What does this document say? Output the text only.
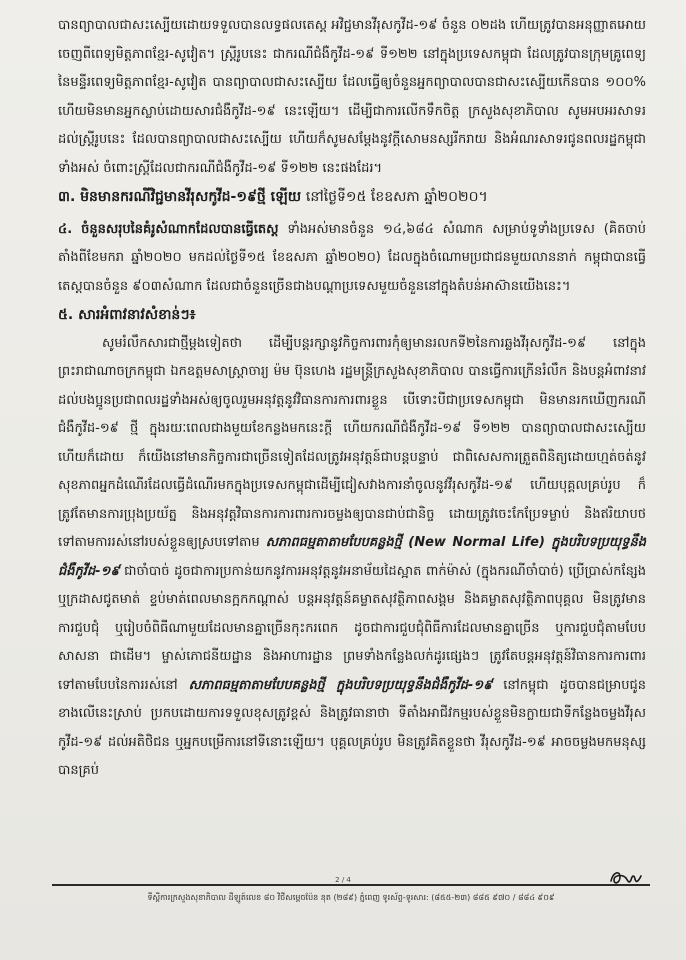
បានព្យាបាលជាសះស្បើយដោយទទួលបានលទ្ធផលតេស្ត អវិជ្ជមានវីរុសកូវីដ-១៩ ចំនួន ០២ដង ហើយត្រូវបានអនុញ្ញាតអោយចេញពីពេទ្យមិត្តភាពខ្មែរ-សូវៀត។ ស្ត្រីរូបនេះ ជាករណីជំងឺកូវីដ-១៩ ទី១២២ នៅក្នុងប្រទេសកម្ពុជា ដែលត្រូវបានក្រុមគ្រូពេទ្យនៃមន្ទីរពេទ្យមិត្តភាពខ្មែរ-សូវៀត បានព្យាបាលជាសះស្បើយ ដែលធ្វើឲ្យចំនួនអ្នកព្យាបាលបានជាសះស្បើយកើនបាន ១០០% ហើយមិនមានអ្នកស្លាប់ដោយសារជំងឺកូវីដ-១៩ នេះឡើយ។ ដើម្បីជាការលើកទឹកចិត្ត ក្រសួងសុខាភិបាល សូមអបអរសាទរដល់ស្ត្រីរូបនេះ ដែលបានព្យាបាលជាសះស្បើយ ហើយក៏សូមសម្តែងនូវក្តីសោមនស្សរីករាយ និងអំណរសាទរជូនពលរដ្ឋកម្ពុជាទាំងអស់ ចំពោះស្ត្រីដែលជាករណីជំងឺកូវីដ-១៩ ទី១២២ នេះផងដែរ។

៣. មិនមានករណីវិជ្ជមានវីរុសកូវីដ-១៩ថ្មី ឡើយ នៅថ្ងៃទី១៥ ខែឧសភា ឆ្នាំ២០២០។

៤. ចំនួនសរុបនៃគំរូសំណាកដែលបានធ្វើតេស្ត ទាំងអស់មានចំនួន ១៤,៦៨៤ សំណាក សម្រាប់ទូទាំងប្រទេស (គិតចាប់តាំងពីខែមករា ឆ្នាំ២០២០ មកដល់ថ្ងៃទី១៥ ខែឧសភា ឆ្នាំ២០២០) ដែលក្នុងចំណោមប្រជាជនមួយលាននាក់ កម្ពុជាបានធ្វើតេស្តបានចំនួន ៩០៣សំណាក ដែលជាចំនួនច្រើនជាងបណ្តាប្រទេសមួយចំនួននៅក្នុងតំបន់អាស៊ានយើងនេះ។

៥. សារអំពាវនាវសំខាន់ៗ៖

សូមរំលឹកសារជាថ្មីម្តងទៀតថា ដើម្បីបន្តរក្សានូវកិច្ចការពារកុំឲ្យមានរលកទី២នៃការឆ្លងវីរុសកូវីដ-១៩ នៅក្នុងព្រះរាជាណាចក្រកម្ពុជា ឯកឧត្តមសាស្ត្រាចារ្យ ម៉ម ប៊ុនហេង រដ្ឋមន្ត្រីក្រសួងសុខាភិបាល បានធ្វើការក្រើនរំលឹក និងបន្តអំពាវនាវដល់បងប្អូនប្រជាពលរដ្ឋទាំងអស់ឲ្យចូលរួមអនុវត្តនូវវិធានការការពារខ្លួន បើទោះបីជាប្រទេសកម្ពុជា មិនមានរកឃើញករណីជំងឺកូវីដ-១៩ ថ្មី ក្នុងរយៈពេលជាងមួយខែកន្លងមកនេះក្តី ហើយករណីជំងឺកូវីដ-១៩ ទី១២២ បានព្យាបាលជាសះស្បើយហើយក៏ដោយ ក៏យើងនៅមានកិច្ចការជាច្រើនទៀតដែលត្រូវអនុវត្តន៍ជាបន្តបន្ទាប់ ជាពិសេសការត្រួតពិនិត្យដោយហ្មត់ចត់នូវសុខភាពអ្នកដំណើរដែលធ្វើដំណើរមកក្នុងប្រទេសកម្ពុជាដើម្បីជៀសវាងការនាំចូលនូវវីរុសកូវីដ-១៩ ហើយបុគ្គលគ្រប់រូប ក៏ត្រូវតែមានការប្រុងប្រយ័ត្ន និងអនុវត្តវិធានការការពារការចម្លងឲ្យបានជាប់ជានិច្ច ដោយត្រូវចេះកែប្រែទម្លាប់ និងឥរិយាបថទៅតាមការរស់នៅរបស់ខ្លួនឲ្យស្របទៅតាម សភាពធម្មតាតាមបែបគន្លងថ្មី (New Normal Life) ក្នុងបរិបទប្រយុទ្ធនឹងជំងឺកូវីដ-១៩ ជាចាំបាច់ ដូចជាការប្រកាន់យកនូវការអនុវត្តនូវអនាម័យដៃស្អាត ពាក់ម៉ាស់ (ក្នុងករណីចាំបាច់) ប្រើប្រាស់កន្សែង ឬក្រដាសជូតមាត់ ខ្ទប់មាត់ពេលមានក្អកកណ្តាស់ បន្តអនុវត្តន៍គម្លាតសុវត្ថិភាពសង្គម និងគម្លាតសុវត្ថិភាពបុគ្គល មិនត្រូវមានការជួបជុំ ឬរៀបចំពិធីណាមួយដែលមានគ្នាច្រើនកុះករពេក ដូចជាការជួបជុំពិធីការដែលមានគ្នាច្រើន ឬការជួបជុំតាមបែបសាសនា ជាដើម។ ម្ចាស់ភោជនីយដ្ឋាន និងអាហារដ្ឋាន ព្រមទាំងកន្លែងលក់ដូរផ្សេងៗ ត្រូវតែបន្តអនុវត្តន៍វិធានការការពារទៅតាមបែបនៃការរស់នៅ សភាពធម្មតាតាមបែបគន្លងថ្មី ក្នុងបរិបទប្រយុទ្ធនឹងជំងឺកូវីដ-១៩ នៅកម្ពុជា ដូចបានជម្រាបជូនខាងលើនេះស្រាប់ ប្រកបដោយការទទួលខុសត្រូវខ្ពស់ និងត្រូវធានាថា ទីតាំងអាជីវកម្មរបស់ខ្លួនមិនក្លាយជាទីកន្លែងចម្លងវីរុស កូវីដ-១៩ ដល់អតិថិជន ឬអ្នកបម្រើការនៅទីនោះឡើយ។ បុគ្គលគ្រប់រូប មិនត្រូវគិតខ្លួនថា វីរុសកូវីដ-១៩ អាចចម្លងមកមនុស្សបានគ្រប់

2 / 4
ទីស្តីការក្រសួងសុខាភិបាល ដីឡូត៍លេខ ៨០ វិថីសម្តេចប៉ែន នុត (២៨៩) ភ្នំពេញ ទូរស័ព្ទ-ទូរសារ: (៨៥៥-២៣) ៨៨៥ ៩៧០ / ៨៨៤ ៩០៩
